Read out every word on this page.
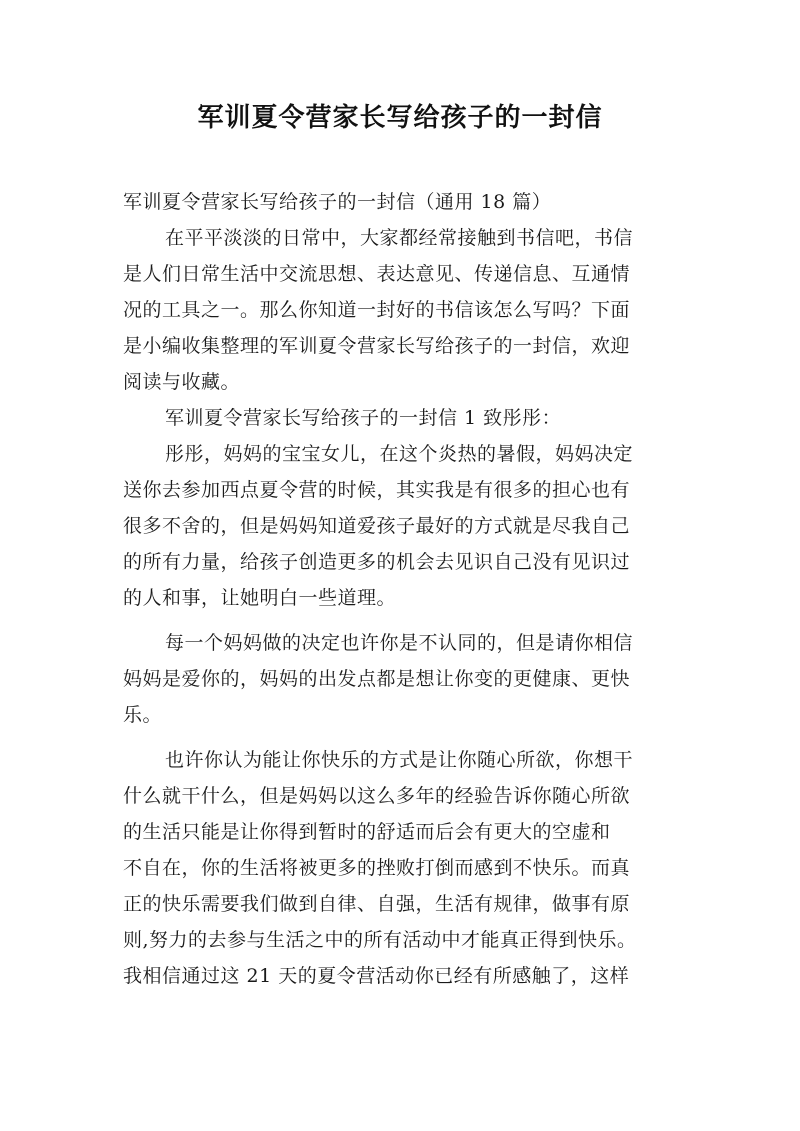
军训夏令营家长写给孩子的一封信
军训夏令营家长写给孩子的一封信（通用 18 篇）
在平平淡淡的日常中，大家都经常接触到书信吧，书信
是人们日常生活中交流思想、表达意见、传递信息、互通情
况的工具之一。那么你知道一封好的书信该怎么写吗？下面
是小编收集整理的军训夏令营家长写给孩子的一封信，欢迎
阅读与收藏。
军训夏令营家长写给孩子的一封信 1 致彤彤：
彤彤，妈妈的宝宝女儿，在这个炎热的暑假，妈妈决定
送你去参加西点夏令营的时候，其实我是有很多的担心也有
很多不舍的，但是妈妈知道爱孩子最好的方式就是尽我自己
的所有力量，给孩子创造更多的机会去见识自己没有见识过
的人和事，让她明白一些道理。
每一个妈妈做的决定也许你是不认同的，但是请你相信
妈妈是爱你的，妈妈的出发点都是想让你变的更健康、更快
乐。
也许你认为能让你快乐的方式是让你随心所欲，你想干
什么就干什么，但是妈妈以这么多年的经验告诉你随心所欲
的生活只能是让你得到暂时的舒适而后会有更大的空虚和
不自在，你的生活将被更多的挫败打倒而感到不快乐。而真
正的快乐需要我们做到自律、自强，生活有规律，做事有原
则,努力的去参与生活之中的所有活动中才能真正得到快乐。
我相信通过这 21 天的夏令营活动你已经有所感触了，这样
